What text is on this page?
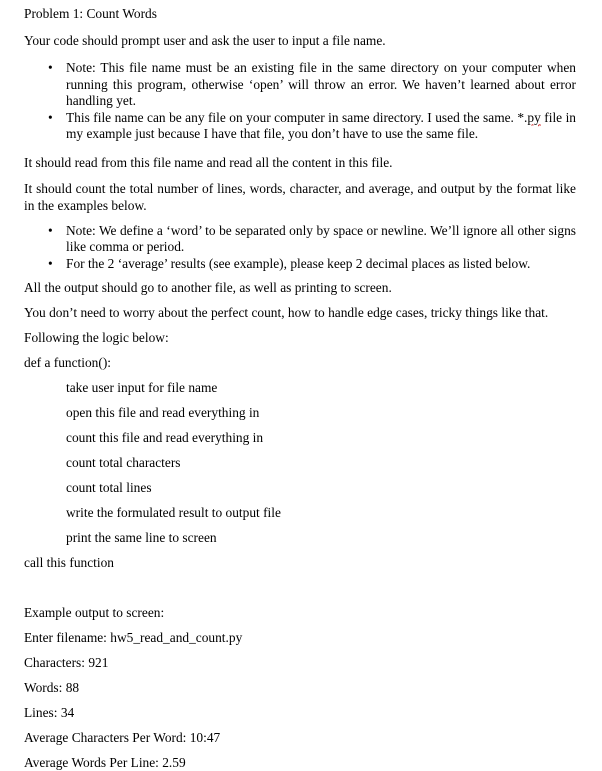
Problem 1: Count Words
Your code should prompt user and ask the user to input a file name.
• Note: This file name must be an existing file in the same directory on your computer when running this program, otherwise ‘open’ will throw an error. We haven’t learned about error handling yet.
• This file name can be any file on your computer in same directory. I used the same. *.py file in my example just because I have that file, you don’t have to use the same file.
It should read from this file name and read all the content in this file.
It should count the total number of lines, words, character, and average, and output by the format like in the examples below.
• Note: We define a ‘word’ to be separated only by space or newline. We’ll ignore all other signs like comma or period.
• For the 2 ‘average’ results (see example), please keep 2 decimal places as listed below.
All the output should go to another file, as well as printing to screen.
You don’t need to worry about the perfect count, how to handle edge cases, tricky things like that.
Following the logic below:
def a function():
take user input for file name
open this file and read everything in
count this file and read everything in
count total characters
count total lines
write the formulated result to output file
print the same line to screen
call this function
Example output to screen:
Enter filename: hw5_read_and_count.py
Characters: 921
Words: 88
Lines: 34
Average Characters Per Word: 10:47
Average Words Per Line: 2.59
